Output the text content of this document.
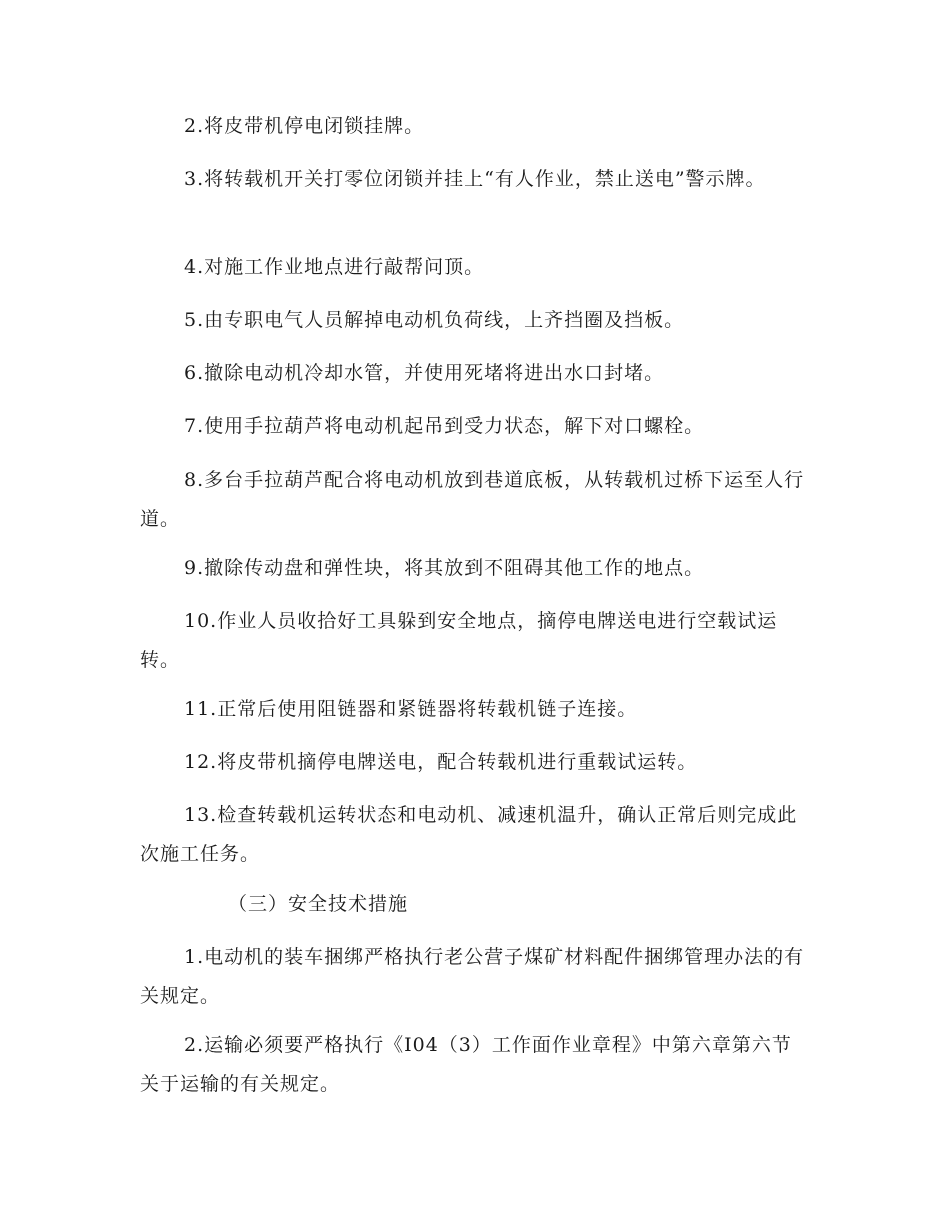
2.将皮带机停电闭锁挂牌。

3.将转载机开关打零位闭锁并挂上“有人作业，禁止送电”警示牌。

4.对施工作业地点进行敲帮问顶。

5.由专职电气人员解掉电动机负荷线，上齐挡圈及挡板。

6.撤除电动机冷却水管，并使用死堵将进出水口封堵。

7.使用手拉葫芦将电动机起吊到受力状态，解下对口螺栓。

8.多台手拉葫芦配合将电动机放到巷道底板，从转载机过桥下运至人行道。

9.撤除传动盘和弹性块，将其放到不阻碍其他工作的地点。

10.作业人员收拾好工具躲到安全地点，摘停电牌送电进行空载试运转。

11.正常后使用阻链器和紧链器将转载机链子连接。

12.将皮带机摘停电牌送电，配合转载机进行重载试运转。

13.检查转载机运转状态和电动机、减速机温升，确认正常后则完成此次施工任务。

（三）安全技术措施

1.电动机的装车捆绑严格执行老公营子煤矿材料配件捆绑管理办法的有关规定。

2.运输必须要严格执行《I04（3）工作面作业章程》中第六章第六节关于运输的有关规定。
